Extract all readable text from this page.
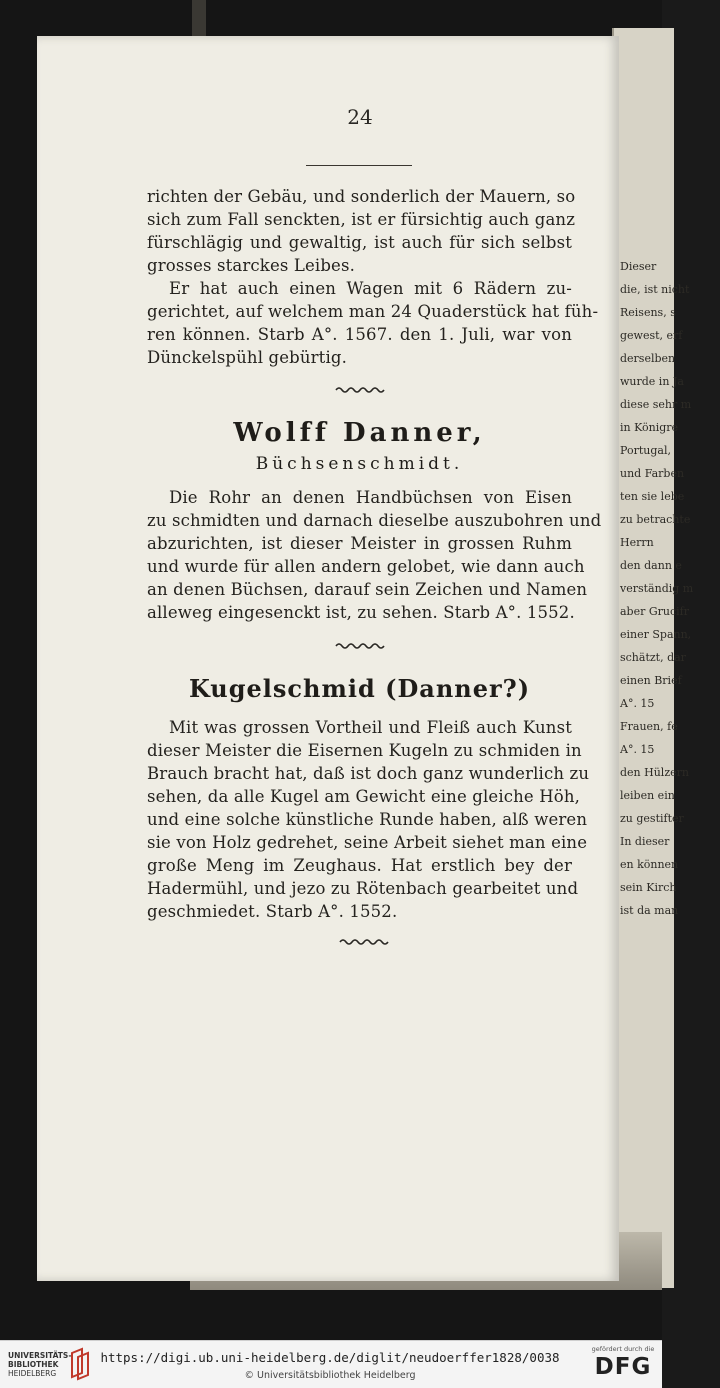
Dieser
die, ist nicht
Reisens, s
gewest, erf
derselben
wurde in Ja
diese sehr m
in Königre
Portugal,
und Farben
ten sie lebe
zu betrachte
Herrn
den dann e
verständig m
aber Grucifr
einer Spann,
schätzt, dar
einen Brief
A°. 15
Frauen, fe
A°. 15
den Hülzern
leiben ein
zu gestifter
In dieser
en können
sein Kirch
ist da man
24
richten der Gebäu, und sonderlich der Mauern, so
sich zum Fall senckten, ist er fürsichtig auch ganz
fürschlägig und gewaltig, ist auch für sich selbst
grosses starckes Leibes.
Er hat auch einen Wagen mit 6 Rädern zu-
gerichtet, auf welchem man 24 Quaderstück hat füh-
ren können. Starb A°. 1567. den 1. Juli, war von
Dünckelspühl gebürtig.
Wolff Danner,
Büchsenschmidt.
Die Rohr an denen Handbüchsen von Eisen
zu schmidten und darnach dieselbe auszubohren und
abzurichten, ist dieser Meister in grossen Ruhm
und wurde für allen andern gelobet, wie dann auch
an denen Büchsen, darauf sein Zeichen und Namen
alleweg eingesenckt ist, zu sehen. Starb A°. 1552.
Kugelschmid (Danner?)
Mit was grossen Vortheil und Fleiß auch Kunst
dieser Meister die Eisernen Kugeln zu schmiden in
Brauch bracht hat, daß ist doch ganz wunderlich zu
sehen, da alle Kugel am Gewicht eine gleiche Höh,
und eine solche künstliche Runde haben, alß weren
sie von Holz gedrehet, seine Arbeit siehet man eine
große Meng im Zeughaus. Hat erstlich bey der
Hadermühl, und jezo zu Rötenbach gearbeitet und
geschmiedet. Starb A°. 1552.
UNIVERSITÄTS-
BIBLIOTHEK
HEIDELBERG
https://digi.ub.uni-heidelberg.de/diglit/neudoerffer1828/0038
© Universitätsbibliothek Heidelberg
gefördert durch die
DFG
